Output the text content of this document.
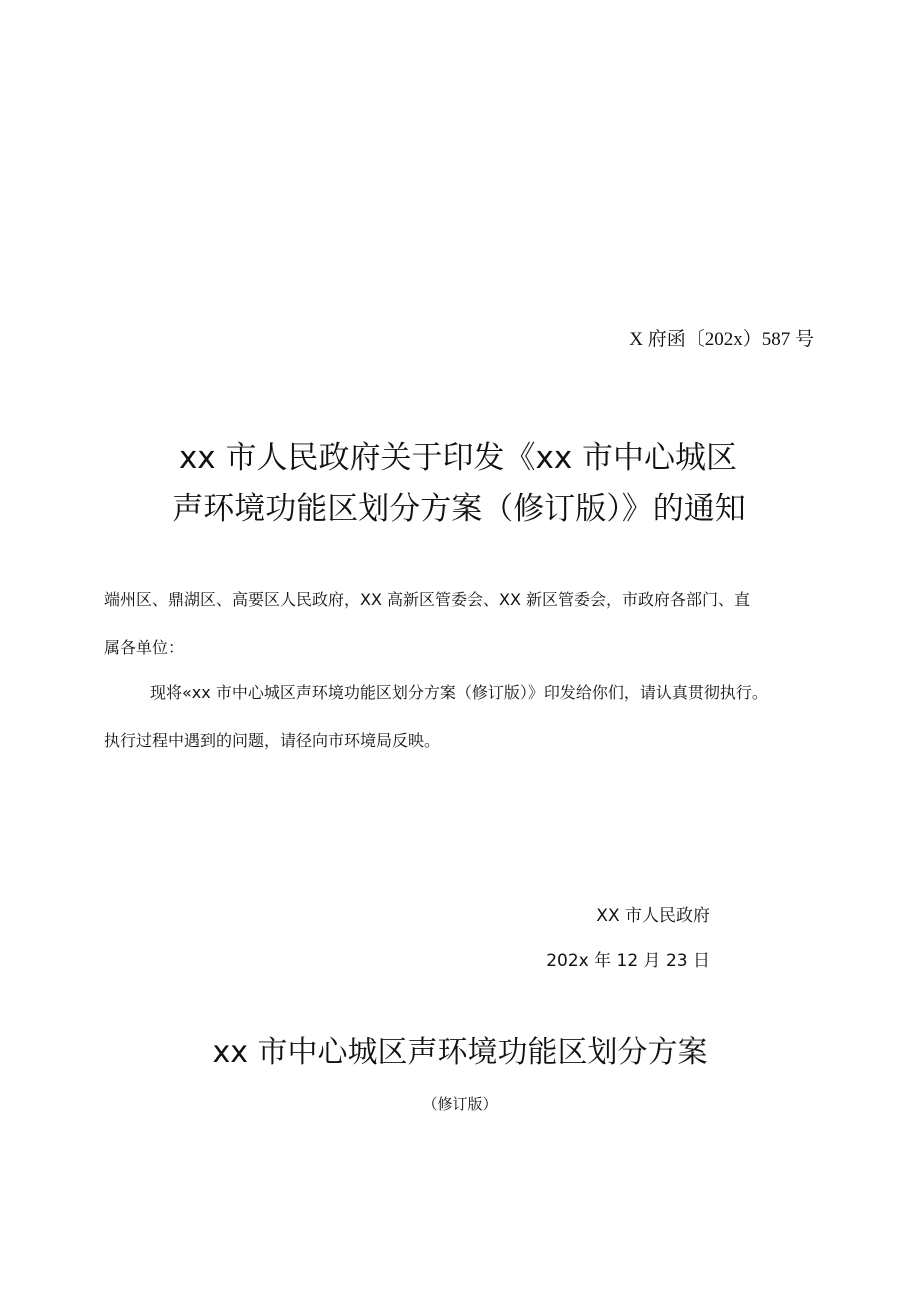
X 府函〔202x）587 号
xx 市人民政府关于印发《xx 市中心城区
声环境功能区划分方案（修订版）》的通知
端州区、鼎湖区、高要区人民政府，XX 高新区管委会、XX 新区管委会，市政府各部门、直
属各单位：
现将«xx 市中心城区声环境功能区划分方案（修订版）》印发给你们，请认真贯彻执行。
执行过程中遇到的问题，请径向市环境局反映。
XX 市人民政府
202x 年 12 月 23 日
xx 市中心城区声环境功能区划分方案
（修订版）
